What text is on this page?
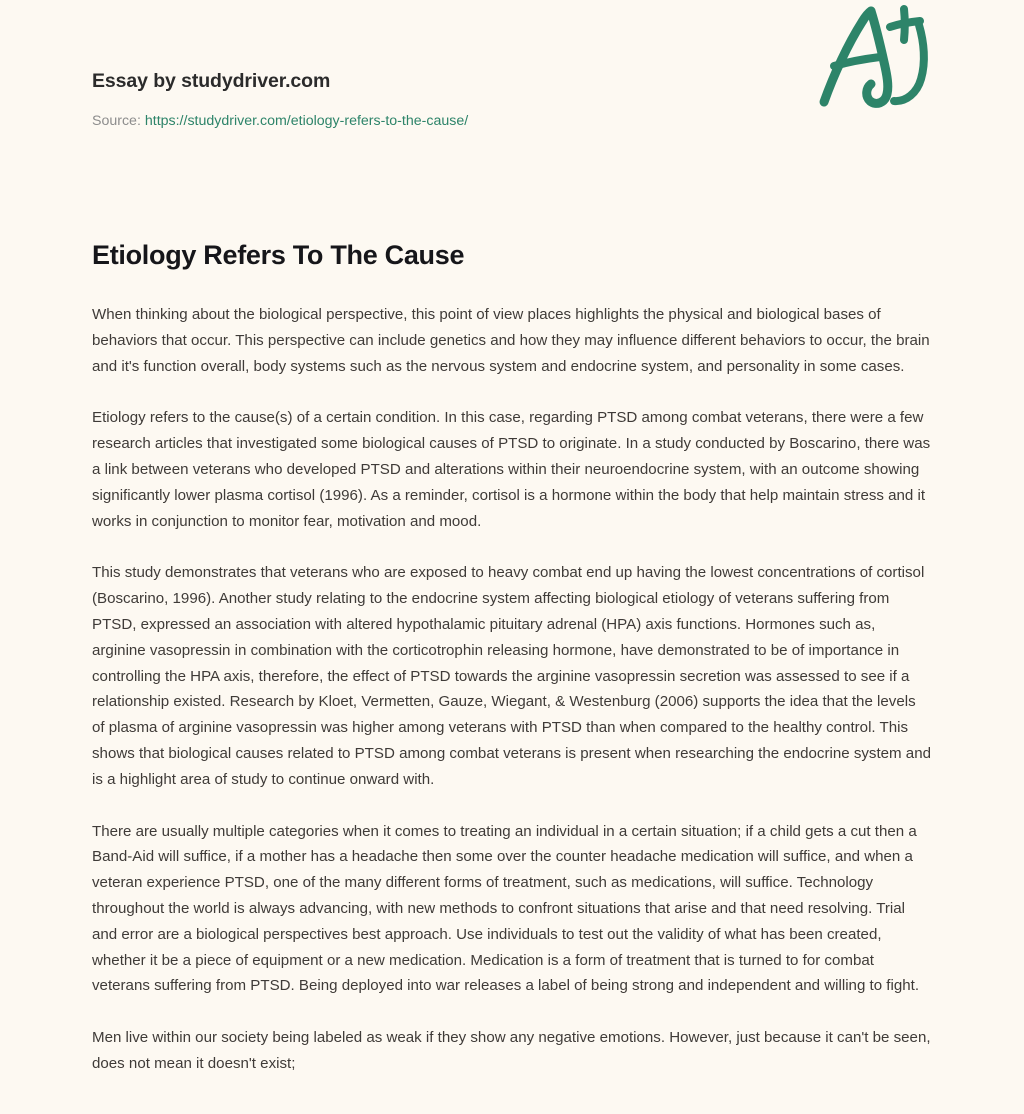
Essay by studydriver.com
Source: https://studydriver.com/etiology-refers-to-the-cause/
Etiology Refers To The Cause

When thinking about the biological perspective, this point of view places highlights the physical and biological bases of behaviors that occur. This perspective can include genetics and how they may influence different behaviors to occur, the brain and it's function overall, body systems such as the nervous system and endocrine system, and personality in some cases.

Etiology refers to the cause(s) of a certain condition. In this case, regarding PTSD among combat veterans, there were a few research articles that investigated some biological causes of PTSD to originate. In a study conducted by Boscarino, there was a link between veterans who developed PTSD and alterations within their neuroendocrine system, with an outcome showing significantly lower plasma cortisol (1996). As a reminder, cortisol is a hormone within the body that help maintain stress and it works in conjunction to monitor fear, motivation and mood.

This study demonstrates that veterans who are exposed to heavy combat end up having the lowest concentrations of cortisol (Boscarino, 1996). Another study relating to the endocrine system affecting biological etiology of veterans suffering from PTSD, expressed an association with altered hypothalamic pituitary adrenal (HPA) axis functions. Hormones such as, arginine vasopressin in combination with the corticotrophin releasing hormone, have demonstrated to be of importance in controlling the HPA axis, therefore, the effect of PTSD towards the arginine vasopressin secretion was assessed to see if a relationship existed. Research by Kloet, Vermetten, Gauze, Wiegant, & Westenburg (2006) supports the idea that the levels of plasma of arginine vasopressin was higher among veterans with PTSD than when compared to the healthy control. This shows that biological causes related to PTSD among combat veterans is present when researching the endocrine system and is a highlight area of study to continue onward with.

There are usually multiple categories when it comes to treating an individual in a certain situation; if a child gets a cut then a Band-Aid will suffice, if a mother has a headache then some over the counter headache medication will suffice, and when a veteran experience PTSD, one of the many different forms of treatment, such as medications, will suffice. Technology throughout the world is always advancing, with new methods to confront situations that arise and that need resolving. Trial and error are a biological perspectives best approach. Use individuals to test out the validity of what has been created, whether it be a piece of equipment or a new medication. Medication is a form of treatment that is turned to for combat veterans suffering from PTSD. Being deployed into war releases a label of being strong and independent and willing to fight.

Men live within our society being labeled as weak if they show any negative emotions. However, just because it can't be seen, does not mean it doesn't exist;
